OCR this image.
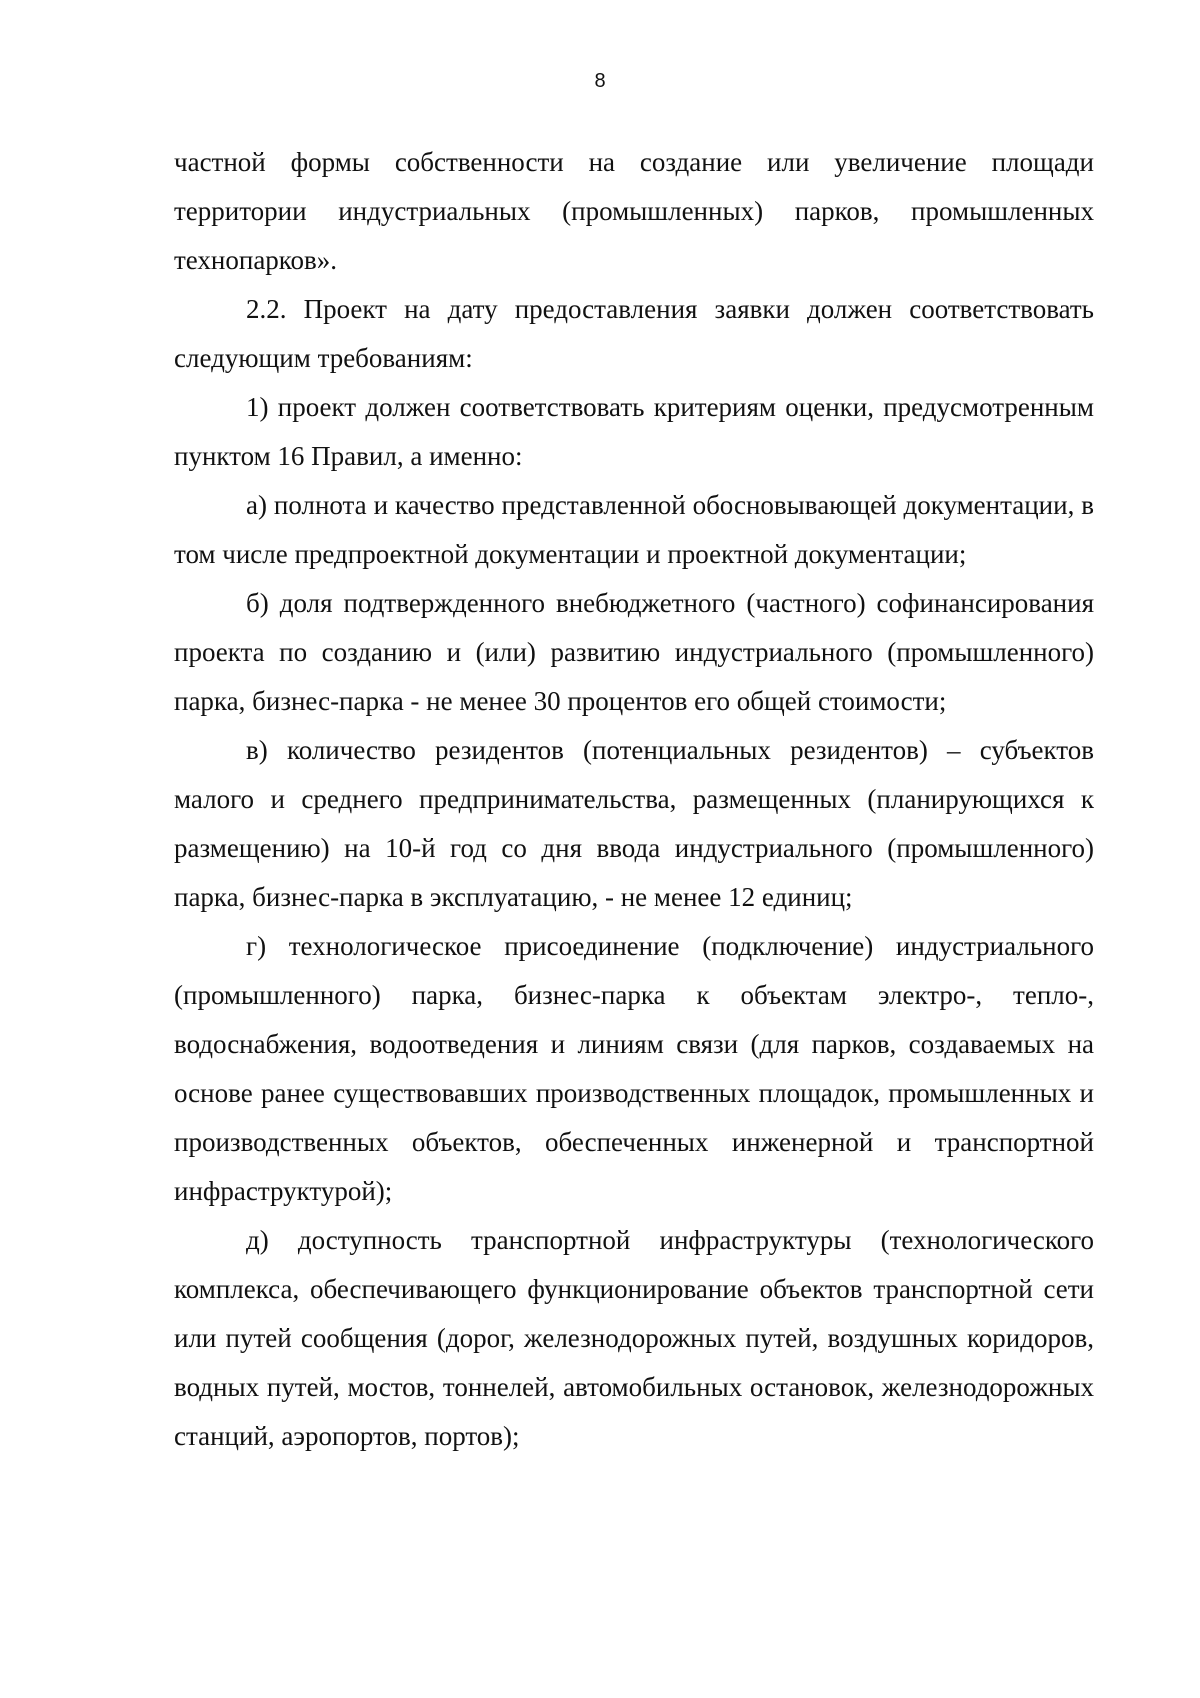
8

частной формы собственности на создание или увеличение площади территории индустриальных (промышленных) парков, промышленных технопарков».

2.2. Проект на дату предоставления заявки должен соответствовать следующим требованиям:

1) проект должен соответствовать критериям оценки, предусмотренным пунктом 16 Правил, а именно:

а) полнота и качество представленной обосновывающей документации, в том числе предпроектной документации и проектной документации;

б) доля подтвержденного внебюджетного (частного) софинансирования проекта по созданию и (или) развитию индустриального (промышленного) парка, бизнес-парка - не менее 30 процентов его общей стоимости;

в) количество резидентов (потенциальных резидентов) – субъектов малого и среднего предпринимательства, размещенных (планирующихся к размещению) на 10-й год со дня ввода индустриального (промышленного) парка, бизнес-парка в эксплуатацию, - не менее 12 единиц;

г) технологическое присоединение (подключение) индустриального (промышленного) парка, бизнес-парка к объектам электро-, тепло-, водоснабжения, водоотведения и линиям связи (для парков, создаваемых на основе ранее существовавших производственных площадок, промышленных и производственных объектов, обеспеченных инженерной и транспортной инфраструктурой);

д) доступность транспортной инфраструктуры (технологического комплекса, обеспечивающего функционирование объектов транспортной сети или путей сообщения (дорог, железнодорожных путей, воздушных коридоров, водных путей, мостов, тоннелей, автомобильных остановок, железнодорожных станций, аэропортов, портов);
